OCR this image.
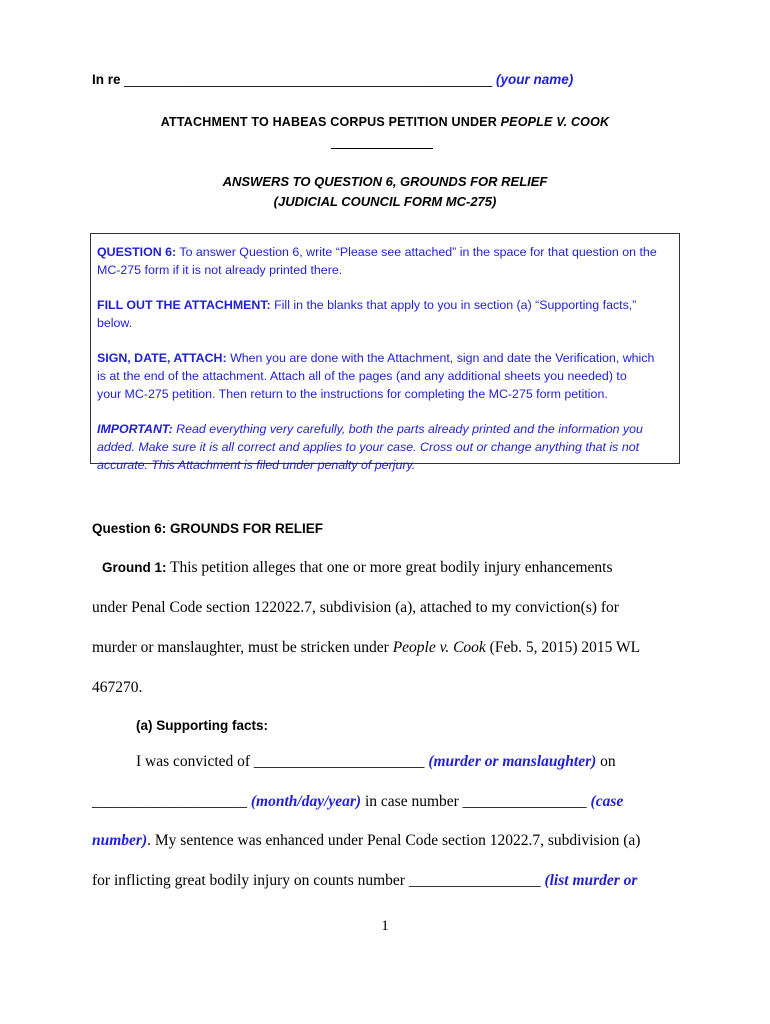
In re _________________________________________________ (your name)
ATTACHMENT TO HABEAS CORPUS PETITION UNDER PEOPLE V. COOK
ANSWERS TO QUESTION 6, GROUNDS FOR RELIEF
(JUDICIAL COUNCIL FORM MC-275)

QUESTION 6: To answer Question 6, write “Please see attached” in the space for that question on the
MC-275 form if it is not already printed there.

FILL OUT THE ATTACHMENT: Fill in the blanks that apply to you in section (a) “Supporting facts,” below.

SIGN, DATE, ATTACH: When you are done with the Attachment, sign and date the Verification, which
is at the end of the attachment. Attach all of the pages (and any additional sheets you needed) to
your MC-275 petition. Then return to the instructions for completing the MC-275 form petition.

IMPORTANT: Read everything very carefully, both the parts already printed and the information you
added. Make sure it is all correct and applies to your case. Cross out or change anything that is not
accurate. This Attachment is filed under penalty of perjury.

Question 6: GROUNDS FOR RELIEF
Ground 1: This petition alleges that one or more great bodily injury enhancements
under Penal Code section 122022.7, subdivision (a), attached to my conviction(s) for
murder or manslaughter, must be stricken under People v. Cook (Feb. 5, 2015) 2015 WL
467270.
(a) Supporting facts:
I was convicted of ______________________ (murder or manslaughter) on
____________________ (month/day/year) in case number ________________ (case
number). My sentence was enhanced under Penal Code section 12022.7, subdivision (a)
for inflicting great bodily injury on counts number _________________ (list murder or
1
